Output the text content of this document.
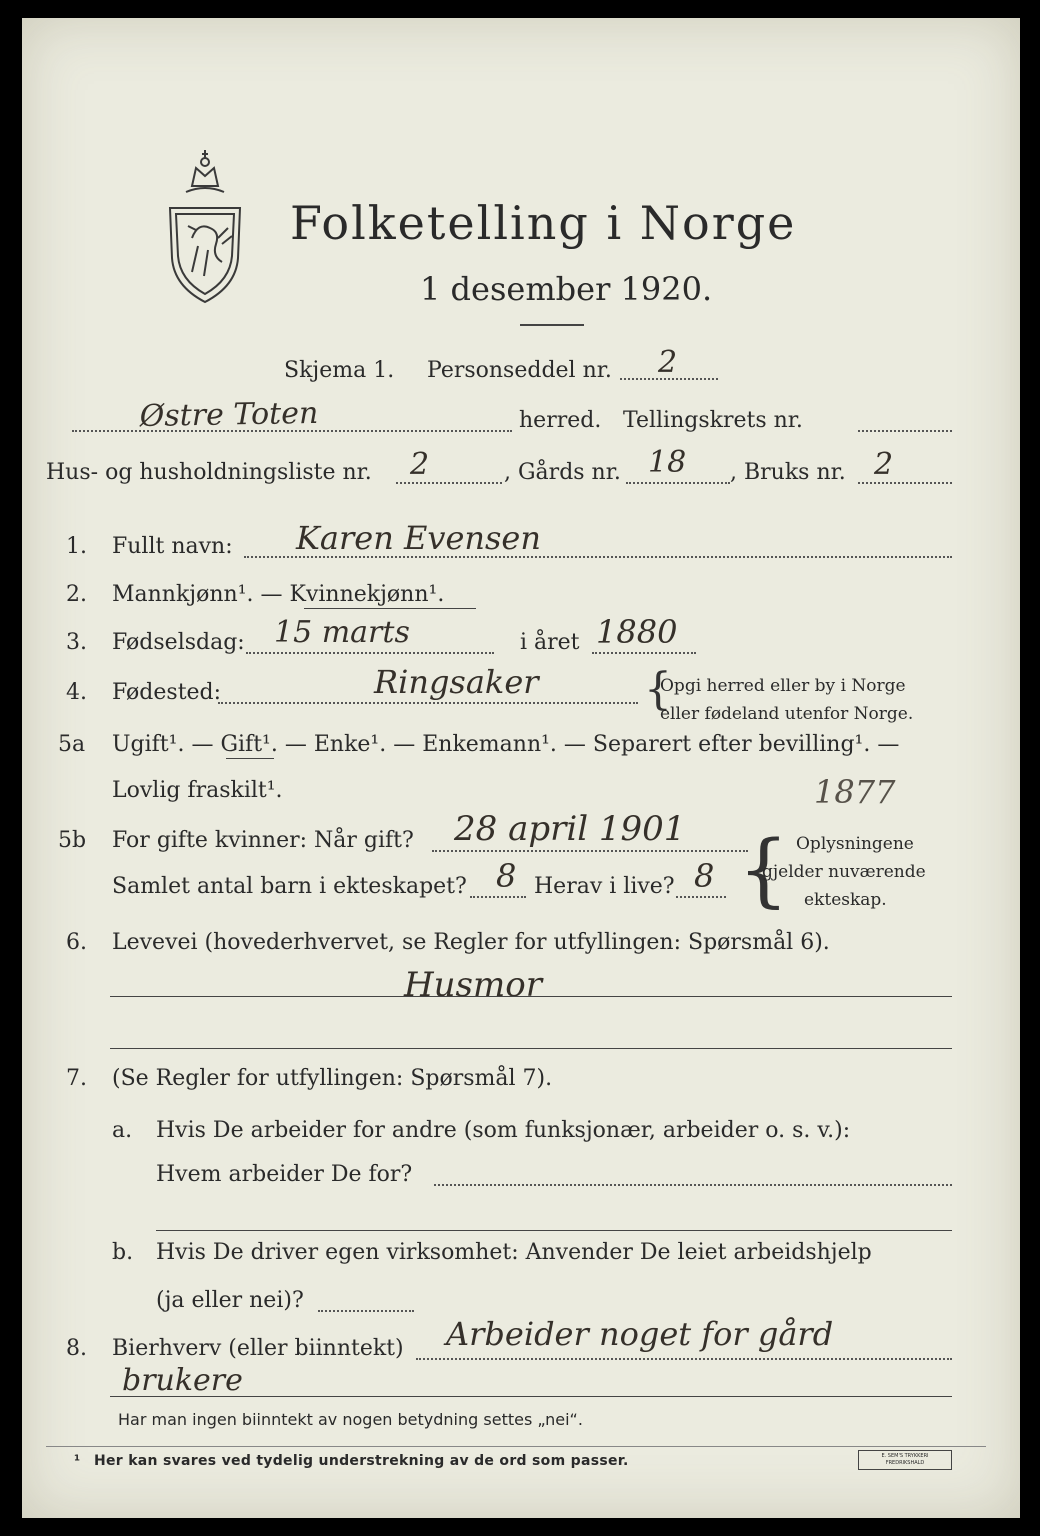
Folketelling i Norge
1 desember 1920.
Skjema 1. Personseddel nr. 2
Østre Toten	herred. Tellingskrets nr.
Hus- og husholdningsliste nr. 2	, Gårds nr. 18 , Bruks nr. 2
1. Fullt navn: Karen Evensen
2. Mannkjønn¹. — Kvinnekjønn¹.
3. Fødselsdag: 15 marts	i året 1880
4. Fødested:	Ringsaker {
Opgi herred eller by i Norge
eller fødeland utenfor Norge.
5a Ugift¹. — Gift¹. — Enke¹. — Enkemann¹. — Separert efter bevilling¹. —
Lovlig fraskilt¹.	1877
5b For gifte kvinner: Når gift? 28 april 1901
Samlet antal barn i ekteskapet? 8 Herav i live? 8 { Oplysningene
gjelder nuværende
ekteskap.
6. Levevei (hovederhvervet, se Regler for utfyllingen: Spørsmål 6).
Husmor
7. (Se Regler for utfyllingen: Spørsmål 7).
a. Hvis De arbeider for andre (som funksjonær, arbeider o. s. v.):
Hvem arbeider De for?
b. Hvis De driver egen virksomhet: Anvender De leiet arbeidshjelp
(ja eller nei)?
8. Bierhverv (eller biinntekt) Arbeider noget for gård
brukere
Har man ingen biinntekt av nogen betydning settes „nei“.
¹ Her kan svares ved tydelig understrekning av de ord som passer.	E. SEM'S TRYKKERI FREDRIKSHALD
